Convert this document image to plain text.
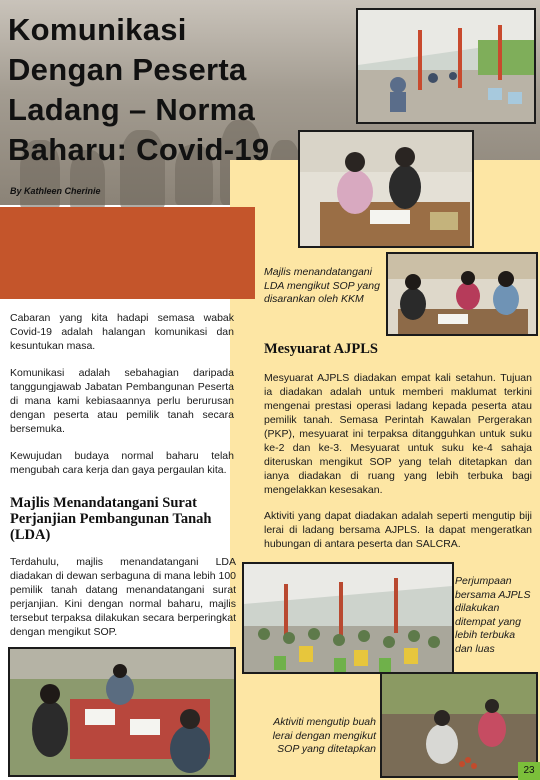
Komunikasi Dengan Peserta Ladang – Norma Baharu: Covid-19
By Kathleen Cherinie
Majlis menandatangani LDA mengikut SOP yang disarankan oleh KKM

Cabaran yang kita hadapi semasa wabak Covid-19 adalah halangan komunikasi dan kesuntukan masa.

Komunikasi adalah sebahagian daripada tanggungjawab Jabatan Pembangunan Peserta di mana kami kebiasaannya perlu berurusan dengan peserta atau pemilik tanah secara bersemuka.

Kewujudan budaya normal baharu telah mengubah cara kerja dan gaya pergaulan kita.

Majlis Menandatangani Surat Perjanjian Pembangunan Tanah (LDA)

Terdahulu, majlis menandatangani LDA diadakan di dewan serbaguna di mana lebih 100 pemilik tanah datang menandatangani surat perjanjian. Kini dengan normal baharu, majlis tersebut terpaksa dilakukan secara berperingkat dengan mengikut SOP.

Mesyuarat AJPLS

Mesyuarat AJPLS diadakan empat kali setahun. Tujuan ia diadakan adalah untuk memberi maklumat terkini mengenai prestasi operasi ladang kepada peserta atau pemilik tanah. Semasa Perintah Kawalan Pergerakan (PKP), mesyuarat ini terpaksa ditangguhkan untuk suku ke-2 dan ke-3. Mesyuarat untuk suku ke-4 sahaja diteruskan mengikut SOP yang telah ditetapkan dan ianya diadakan di ruang yang lebih terbuka bagi mengelakkan kesesakan.

Aktiviti yang dapat diadakan adalah seperti mengutip biji lerai di ladang bersama AJPLS. Ia dapat mengeratkan hubungan di antara peserta dan SALCRA.

Perjumpaan bersama AJPLS dilakukan ditempat yang lebih terbuka dan luas
Aktiviti mengutip buah lerai dengan mengikut SOP yang ditetapkan
23
